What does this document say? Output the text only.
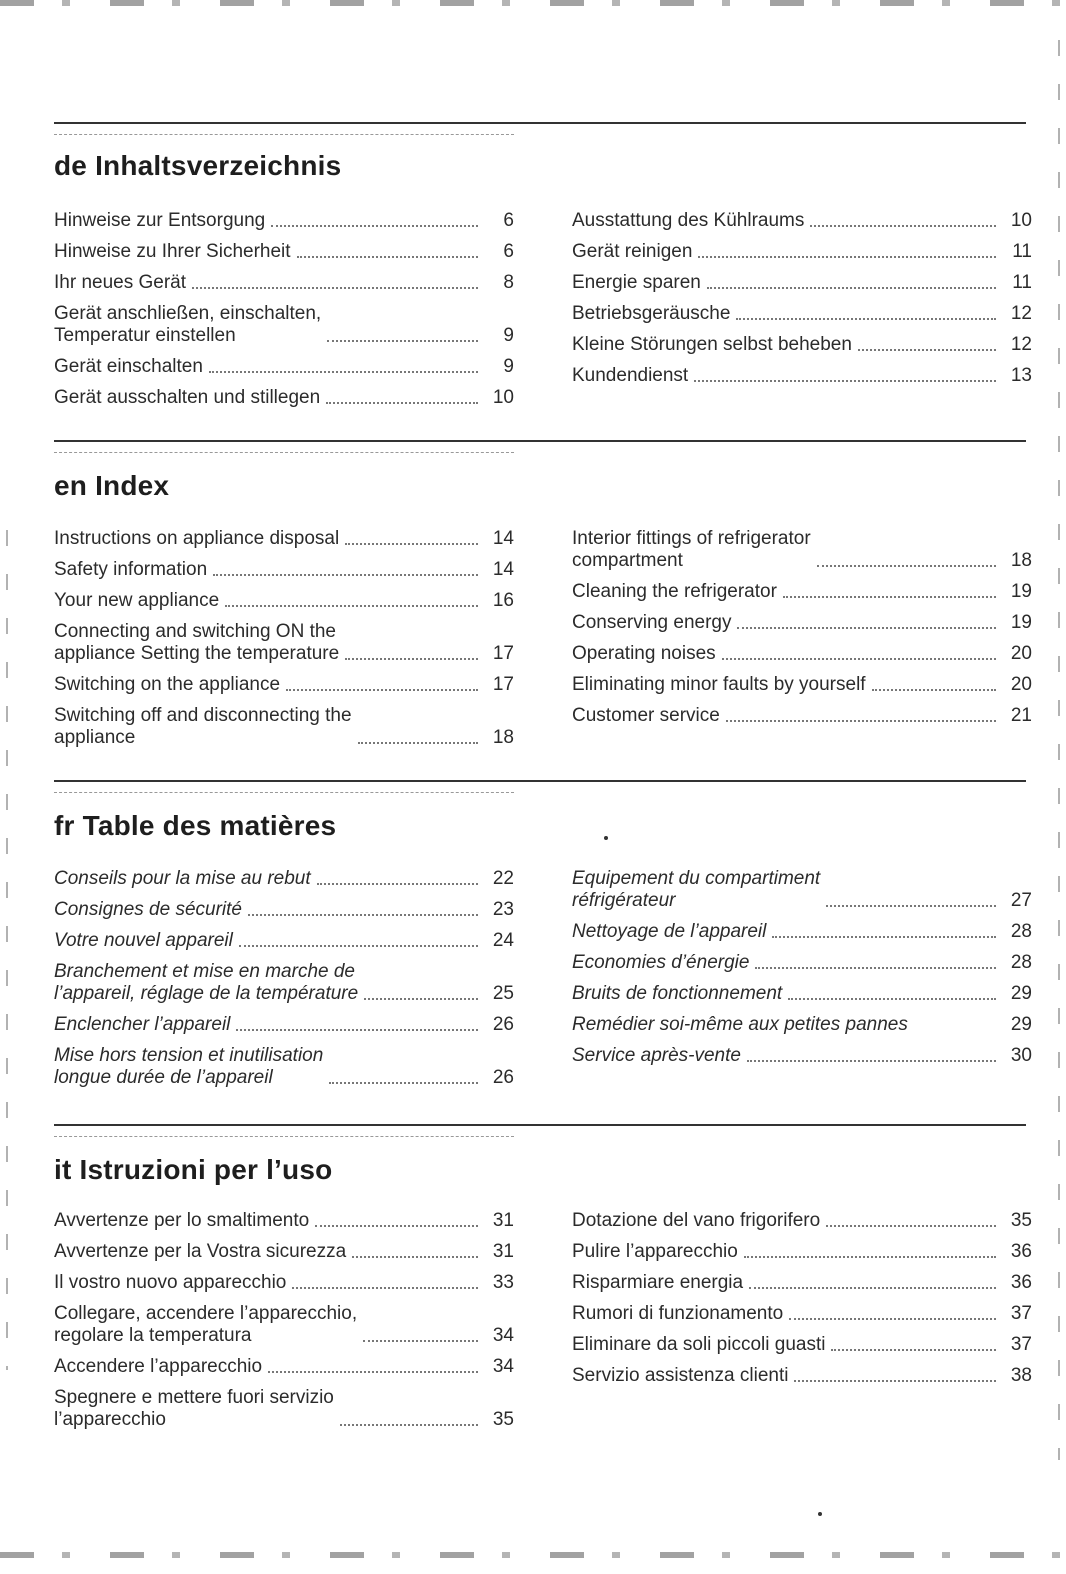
de Inhaltsverzeichnis
Hinweise zur Entsorgung	6
Hinweise zu Ihrer Sicherheit	6
Ihr neues Gerät	8
Gerät anschließen, einschalten,
Temperatur einstellen	9
Gerät einschalten	9
Gerät ausschalten und stillegen	10
Ausstattung des Kühlraums	10
Gerät reinigen	11
Energie sparen	11
Betriebsgeräusche	12
Kleine Störungen selbst beheben	12
Kundendienst	13
en Index
Instructions on appliance disposal	14
Safety information	14
Your new appliance	16
Connecting and switching ON the
appliance Setting the temperature	17
Switching on the appliance	17
Switching off and disconnecting the
appliance	18
Interior fittings of refrigerator
compartment	18
Cleaning the refrigerator	19
Conserving energy	19
Operating noises	20
Eliminating minor faults by yourself	20
Customer service	21
fr Table des matières
Conseils pour la mise au rebut	22
Consignes de sécurité	23
Votre nouvel appareil	24
Branchement et mise en marche de
l’appareil, réglage de la température	25
Enclencher l’appareil	26
Mise hors tension et inutilisation
longue durée de l’appareil	26
Equipement du compartiment
réfrigérateur	27
Nettoyage de l’appareil	28
Economies d’énergie	28
Bruits de fonctionnement	29
Remédier soi-même aux petites pannes	29
Service après-vente	30
it Istruzioni per l’uso
Avvertenze per lo smaltimento	31
Avvertenze per la Vostra sicurezza	31
Il vostro nuovo apparecchio	33
Collegare, accendere l’apparecchio,
regolare la temperatura	34
Accendere l’apparecchio	34
Spegnere e mettere fuori servizio
l’apparecchio	35
Dotazione del vano frigorifero	35
Pulire l’apparecchio	36
Risparmiare energia	36
Rumori di funzionamento	37
Eliminare da soli piccoli guasti	37
Servizio assistenza clienti	38
